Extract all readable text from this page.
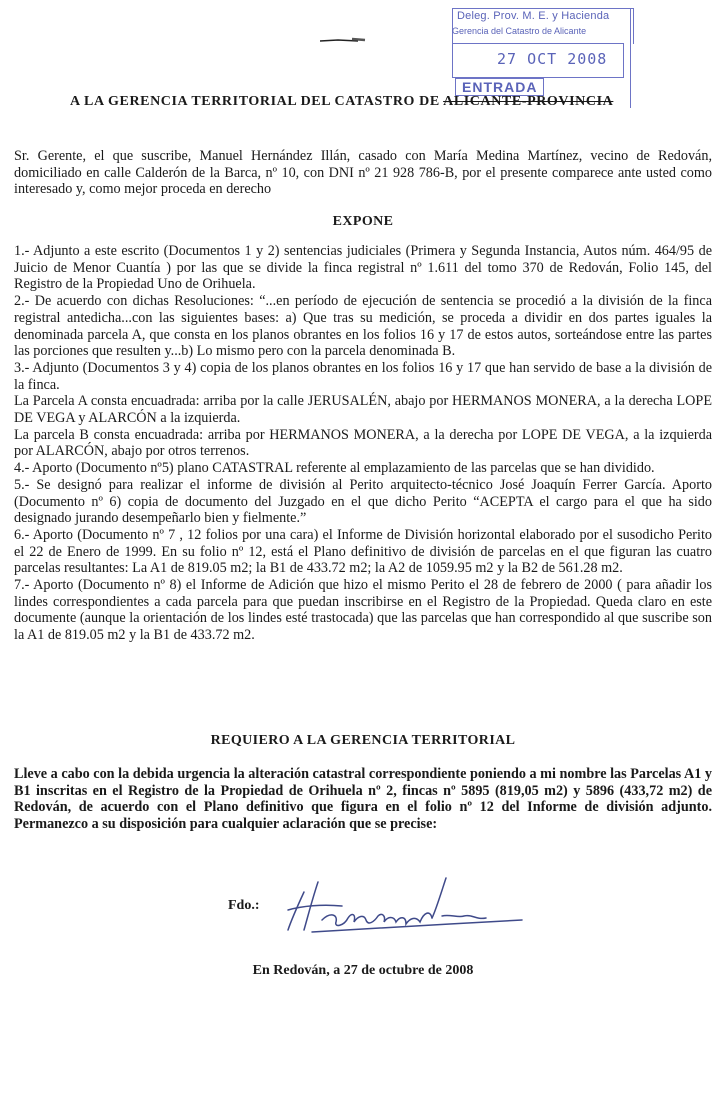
Deleg. Prov. M. E. y Hacienda
Gerencia del Catastro de Alicante
27 OCT 2008
ENTRADA
A LA GERENCIA TERRITORIAL DEL CATASTRO DE ALICANTE-PROVINCIA

Sr. Gerente, el que suscribe, Manuel Hernández Illán, casado con María Medina Martínez, vecino de Redován, domiciliado en calle Calderón de la Barca, nº 10, con DNI nº 21 928 786-B, por el presente comparece ante usted como interesado y, como mejor proceda en derecho

EXPONE

1.- Adjunto a este escrito (Documentos 1 y 2) sentencias judiciales (Primera y Segunda Instancia, Autos núm. 464/95 de Juicio de Menor Cuantía ) por las que se divide la finca registral nº 1.611 del tomo 370 de Redován, Folio 145, del Registro de la Propiedad Uno de Orihuela.

2.- De acuerdo con dichas Resoluciones: “...en período de ejecución de sentencia se procedió a la división de la finca registral antedicha...con las siguientes bases: a) Que tras su medición, se proceda a dividir en dos partes iguales la denominada parcela A, que consta en los planos obrantes en los folios 16 y 17 de estos autos, sorteándose entre las partes las porciones que resulten y...b) Lo mismo pero con la parcela denominada B.

3.- Adjunto (Documentos 3 y 4) copia de los planos obrantes en los folios 16 y 17 que han servido de base a la división de la finca.

La Parcela A consta encuadrada: arriba por la calle JERUSALÉN, abajo por HERMANOS MONERA, a la derecha LOPE DE VEGA y ALARCÓN a la izquierda.

La parcela B consta encuadrada: arriba por HERMANOS MONERA, a la derecha por LOPE DE VEGA, a la izquierda por ALARCÓN, abajo por otros terrenos.

4.- Aporto (Documento nº5) plano CATASTRAL referente al emplazamiento de las parcelas que se han dividido.

5.- Se designó para realizar el informe de división al Perito arquitecto-técnico José Joaquín Ferrer García. Aporto (Documento nº 6) copia de documento del Juzgado en el que dicho Perito “ACEPTA el cargo para el que ha sido designado jurando desempeñarlo bien y fielmente.”

6.- Aporto (Documento nº 7 , 12 folios por una cara) el Informe de División horizontal elaborado por el susodicho Perito el 22 de Enero de 1999. En su folio nº 12, está el Plano definitivo de división de parcelas en el que figuran las cuatro parcelas resultantes: La A1 de 819.05 m2; la B1 de 433.72 m2; la A2 de 1059.95 m2 y la B2 de 561.28 m2.

7.- Aporto (Documento nº 8) el Informe de Adición que hizo el mismo Perito el 28 de febrero de 2000 ( para añadir los lindes correspondientes a cada parcela para que puedan inscribirse en el Registro de la Propiedad. Queda claro en este documente (aunque la orientación de los lindes esté trastocada) que las parcelas que han correspondido al que suscribe son la A1 de 819.05 m2 y la B1 de 433.72 m2.

REQUIERO A LA GERENCIA TERRITORIAL

Lleve a cabo con la debida urgencia la alteración catastral correspondiente poniendo a mi nombre las Parcelas A1 y B1 inscritas en el Registro de la Propiedad de Orihuela nº 2, fincas nº 5895 (819,05 m2) y 5896 (433,72 m2) de Redován, de acuerdo con el Plano definitivo que figura en el folio nº 12 del Informe de división adjunto. Permanezco a su disposición para cualquier aclaración que se precise:

Fdo.:
En Redován, a 27 de octubre de 2008
